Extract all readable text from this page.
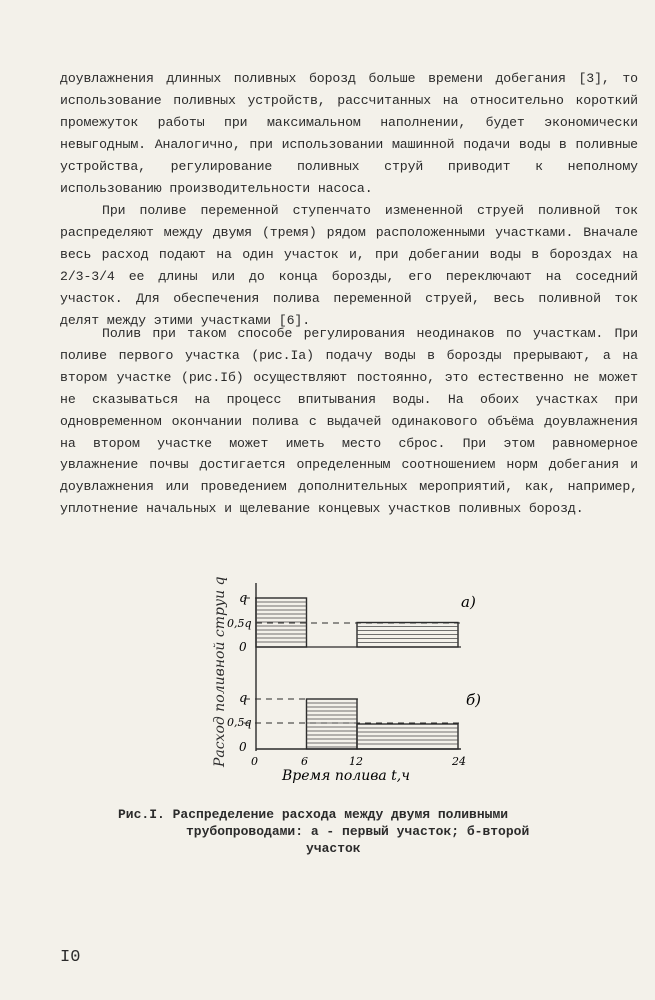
доувлажнения длинных поливных борозд больше времени добегания [3], то использование поливных устройств, рассчитанных на относительно короткий промежуток работы при максимальном наполнении, будет экономически невыгодным. Аналогично, при использовании машинной подачи воды в поливные устройства, регулирование поливных струй приводит к неполному использованию производительности насоса.

При поливе переменной ступенчато измененной струей поливной ток распределяют между двумя (тремя) рядом расположенными участками. Вначале весь расход подают на один участок и, при добегании воды в бороздах на 2/3-3/4 ее длины или до конца борозды, его переключают на соседний участок. Для обеспечения полива переменной струей, весь поливной ток делят между этими участками [6].

Полив при таком способе регулирования неодинаков по участкам. При поливе первого участка (рис.Iа) подачу воды в борозды прерывают, а на втором участке (рис.Iб) осуществляют постоянно, это естественно не может не сказываться на процесс впитывания воды. На обоих участках при одновременном окончании полива с выдачей одинакового объёма доувлажнения на втором участке может иметь место сброс. При этом равномерное увлажнение почвы достигается определенным соотношением норм добегания и доувлажнения или проведением дополнительных мероприятий, как, например, уплотнение начальных и щелевание концевых участков поливных борозд.

Расход поливной струи q q
0,5q
0
q
0,5q
0
0	6	12	24
Время полива t,ч
а)
б)
Рис.I. Распределение расхода между двумя поливными
трубопроводами: а - первый участок; б-второй
участок
I0
